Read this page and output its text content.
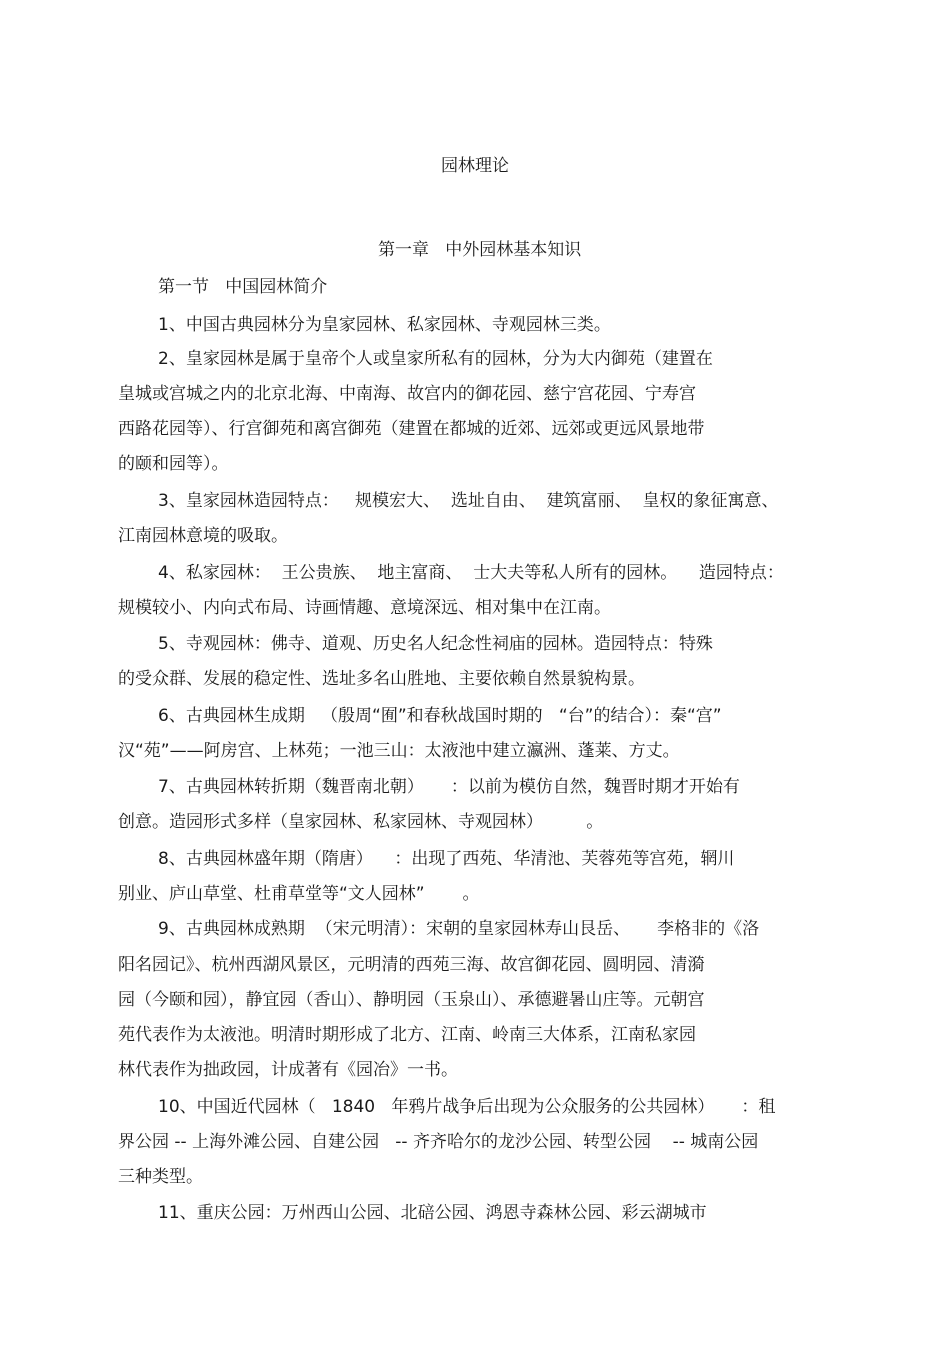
园林理论
第一章   中外园林基本知识

第一节   中国园林简介

1、中国古典园林分为皇家园林、私家园林、寺观园林三类。

2、皇家园林是属于皇帝个人或皇家所私有的园林，分为大内御苑（建置在

皇城或宫城之内的北京北海、中南海、故宫内的御花园、慈宁宫花园、宁寿宫

西路花园等）、行宫御苑和离宫御苑（建置在都城的近郊、远郊或更远风景地带

的颐和园等）。

3、皇家园林造园特点：   规模宏大、  选址自由、  建筑富丽、  皇权的象征寓意、

江南园林意境的吸取。

4、私家园林：  王公贵族、  地主富商、  士大夫等私人所有的园林。    造园特点：

规模较小、内向式布局、诗画情趣、意境深远、相对集中在江南。

5、寺观园林：佛寺、道观、历史名人纪念性祠庙的园林。造园特点：特殊

的受众群、发展的稳定性、选址多名山胜地、主要依赖自然景貌构景。

6、古典园林生成期   （殷周“囿”和春秋战国时期的   “台”的结合）：秦“宫”

汉“苑”——阿房宫、上林苑；一池三山：太液池中建立瀛洲、蓬莱、方丈。

7、古典园林转折期（魏晋南北朝）     ：以前为模仿自然，魏晋时期才开始有

创意。造园形式多样（皇家园林、私家园林、寺观园林）        。

8、古典园林盛年期（隋唐）    ：出现了西苑、华清池、芙蓉苑等宫苑，辋川

别业、庐山草堂、杜甫草堂等“文人园林”       。

9、古典园林成熟期  （宋元明清）：宋朝的皇家园林寿山艮岳、     李格非的《洛

阳名园记》、杭州西湖风景区，元明清的西苑三海、故宫御花园、圆明园、清漪

园（今颐和园），静宜园（香山）、静明园（玉泉山）、承德避暑山庄等。元朝宫

苑代表作为太液池。明清时期形成了北方、江南、岭南三大体系，江南私家园

林代表作为拙政园，计成著有《园冶》一书。

10、中国近代园林（   1840   年鸦片战争后出现为公众服务的公共园林）     ：租

界公园 -- 上海外滩公园、自建公园   -- 齐齐哈尔的龙沙公园、转型公园    -- 城南公园

三种类型。

11、重庆公园：万州西山公园、北碚公园、鸿恩寺森林公园、彩云湖城市
